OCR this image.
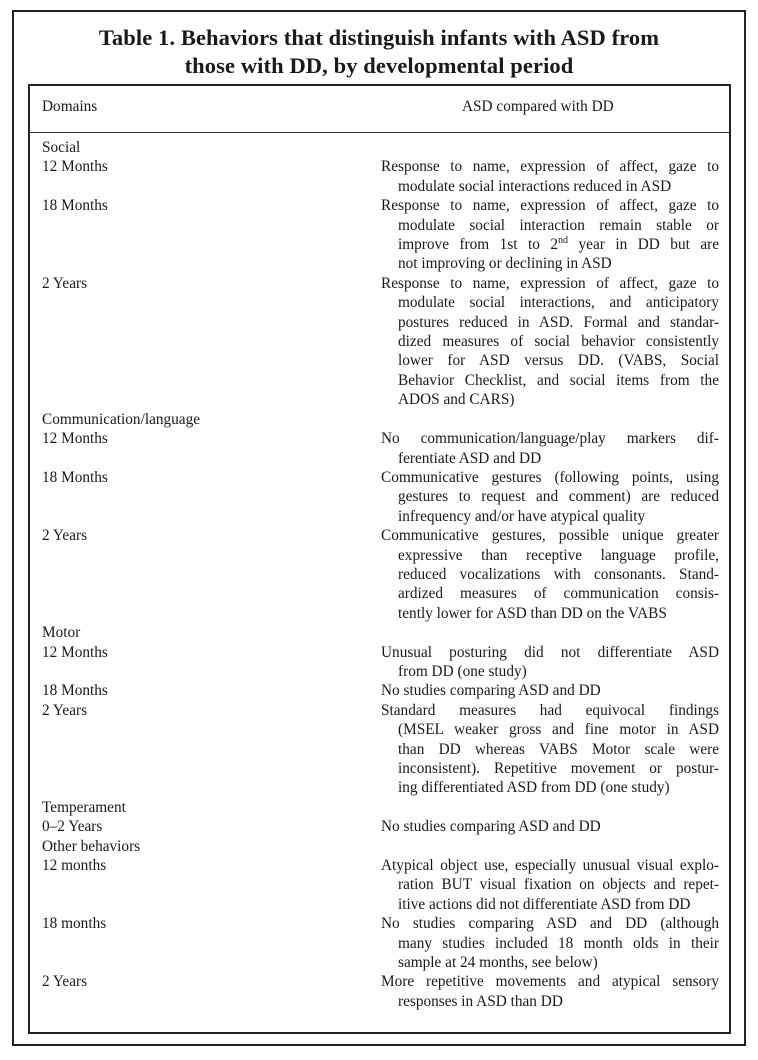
Table 1. Behaviors that distinguish infants with ASD from
those with DD, by developmental period
Domains	ASD compared with DD
Social
12 Months	Response to name, expression of affect, gaze to
modulate social interactions reduced in ASD
18 Months	Response to name, expression of affect, gaze to
modulate social interaction remain stable or
improve from 1st to 2nd year in DD but are
not improving or declining in ASD
2 Years	Response to name, expression of affect, gaze to
modulate social interactions, and anticipatory
postures reduced in ASD. Formal and standar-
dized measures of social behavior consistently
lower for ASD versus DD. (VABS, Social
Behavior Checklist, and social items from the
ADOS and CARS)
Communication/language
12 Months	No communication/language/play markers dif-
ferentiate ASD and DD
18 Months	Communicative gestures (following points, using
gestures to request and comment) are reduced
infrequency and/or have atypical quality
2 Years	Communicative gestures, possible unique greater
expressive than receptive language profile,
reduced vocalizations with consonants. Stand-
ardized measures of communication consis-
tently lower for ASD than DD on the VABS
Motor
12 Months	Unusual posturing did not differentiate ASD
from DD (one study)
18 Months	No studies comparing ASD and DD
2 Years	Standard measures had equivocal findings
(MSEL weaker gross and fine motor in ASD
than DD whereas VABS Motor scale were
inconsistent). Repetitive movement or postur-
ing differentiated ASD from DD (one study)
Temperament
0–2 Years	No studies comparing ASD and DD
Other behaviors
12 months	Atypical object use, especially unusual visual explo-
ration BUT visual fixation on objects and repet-
itive actions did not differentiate ASD from DD
18 months	No studies comparing ASD and DD (although
many studies included 18 month olds in their
sample at 24 months, see below)
2 Years	More repetitive movements and atypical sensory
responses in ASD than DD
